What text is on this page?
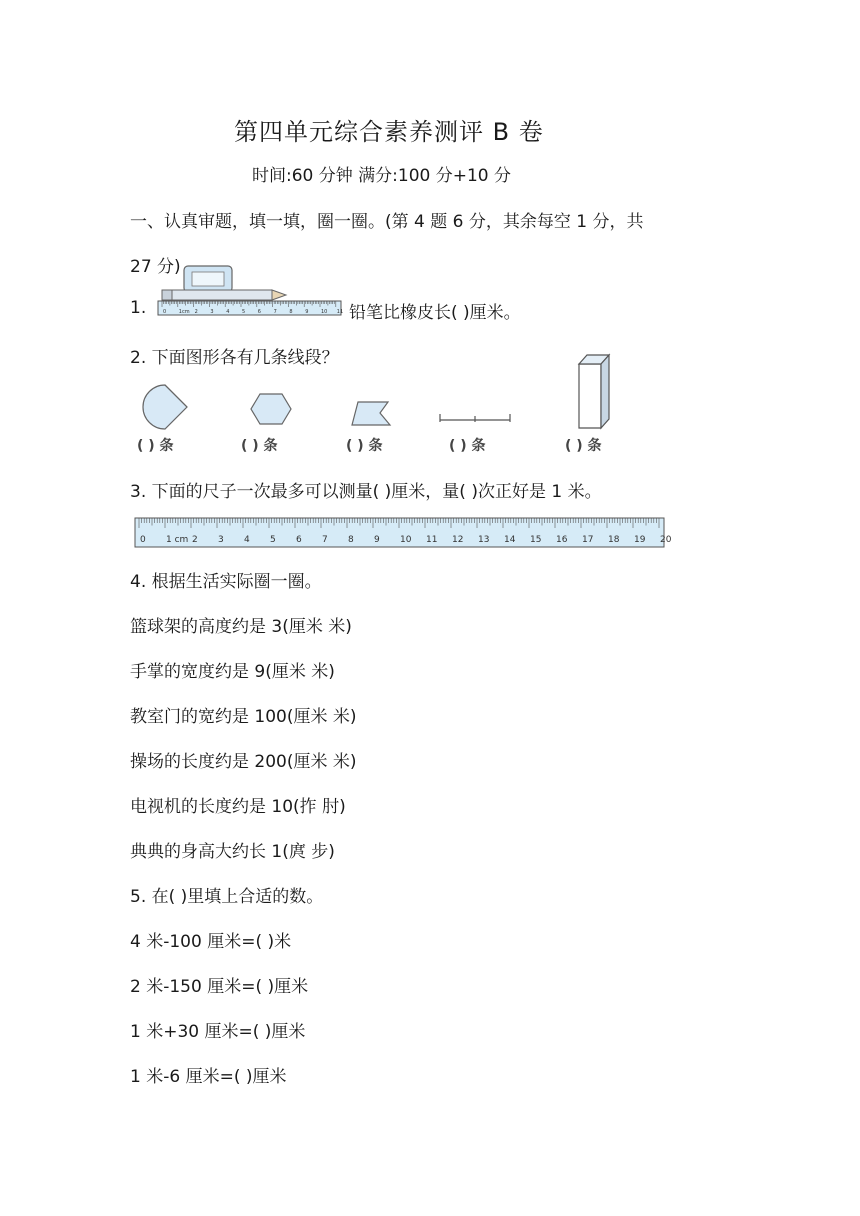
第四单元综合素养测评 B 卷
时间:60 分钟 满分:100 分+10 分
一、认真审题，填一填，圈一圈。(第 4 题 6 分，其余每空 1 分，共
27 分)
1.	0	1cm 2	3	4	5	6	7	8	9	10 11 铅笔比橡皮长( )厘米。
2. 下面图形各有几条线段？
( ) 条	( ) 条	( ) 条	( ) 条	( ) 条
3. 下面的尺子一次最多可以测量( )厘米，量( )次正好是 1 米。
0 1 cm 2 3 4 5 6 7 8 9 10 11 12 13 14 15 16 17 18 19 20
4. 根据生活实际圈一圈。
篮球架的高度约是 3(厘米 米)
手掌的宽度约是 9(厘米 米)
教室门的宽约是 100(厘米 米)
操场的长度约是 200(厘米 米)
电视机的长度约是 10(拃 肘)
典典的身高大约长 1(庹 步)
5. 在( )里填上合适的数。
4 米-100 厘米=( )米
2 米-150 厘米=( )厘米
1 米+30 厘米=( )厘米
1 米-6 厘米=( )厘米
